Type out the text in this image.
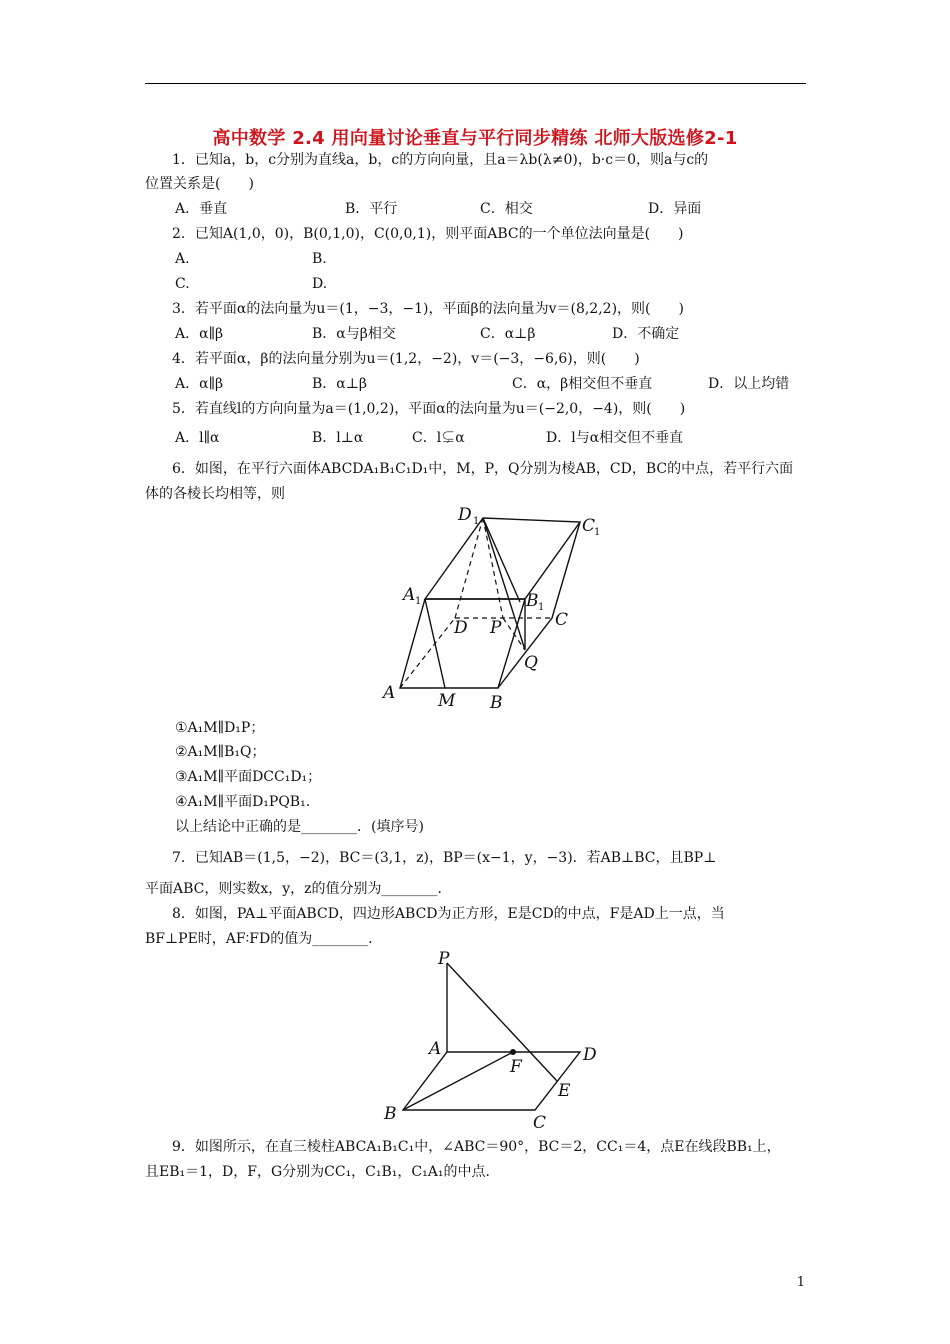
高中数学 2.4 用向量讨论垂直与平行同步精练 北师大版选修2-1
1．已知a，b，c分别为直线a，b，c的方向向量，且a＝λb(λ≠0)，b·c＝0，则a与c的
位置关系是(　　)
A．垂直	B．平行	C．相交	D．异面
2．已知A(1,0，0)，B(0,1,0)，C(0,0,1)，则平面ABC的一个单位法向量是(　　)
A.	B.
C.	D.
3．若平面α的法向量为u＝(1，−3，−1)，平面β的法向量为v＝(8,2,2)，则(　　)
A．α∥β	B．α与β相交	C．α⊥β	D．不确定
4．若平面α，β的法向量分别为u＝(1,2，−2)，v＝(−3，−6,6)，则(　　)
A．α∥β	B．α⊥β	C．α，β相交但不垂直	D．以上均错
5．若直线l的方向向量为a＝(1,0,2)，平面α的法向量为u＝(−2,0，−4)，则(　　)
A．l∥α	B．l⊥α	C．l⊊α	D．l与α相交但不垂直
6．如图，在平行六面体ABCDA₁B₁C₁D₁中，M，P，Q分别为棱AB，CD，BC的中点，若平行六面
体的各棱长均相等，则
D 1	C
1
A 1	B 1
D P	C
Q
A	M B
①A₁M∥D₁P；
②A₁M∥B₁Q；
③A₁M∥平面DCC₁D₁；
④A₁M∥平面D₁PQB₁.
以上结论中正确的是________．(填序号)
7．已知AB＝(1,5，−2)，BC＝(3,1，z)，BP＝(x−1，y，−3)．若AB⊥BC，且BP⊥
平面ABC，则实数x，y，z的值分别为________．
8．如图，PA⊥平面ABCD，四边形ABCD为正方形，E是CD的中点，F是AD上一点，当
BF⊥PE时，AF∶FD的值为________．
P
A	D
F
E
B	C
9．如图所示，在直三棱柱ABCA₁B₁C₁中，∠ABC＝90°，BC＝2，CC₁＝4，点E在线段BB₁上，
且EB₁＝1，D，F，G分别为CC₁，C₁B₁，C₁A₁的中点．
1
